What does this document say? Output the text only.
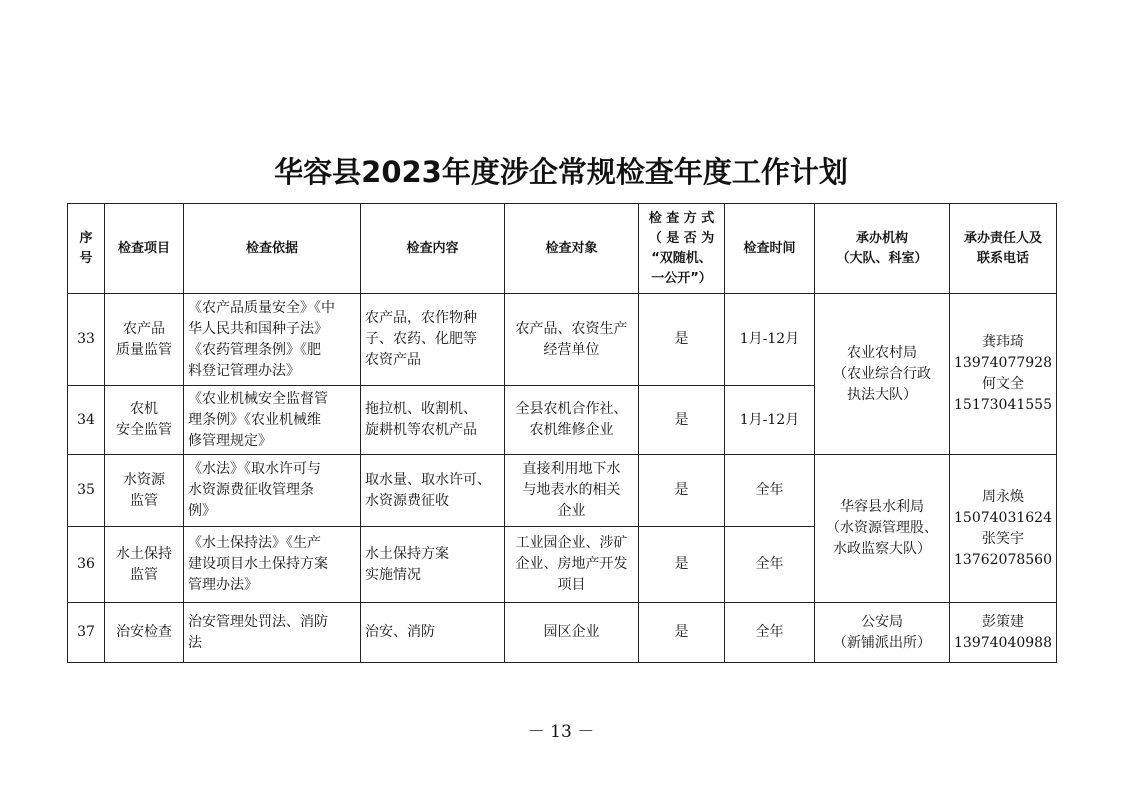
华容县2023年度涉企常规检查年度工作计划
序
号	检查项目	检查依据	检查内容	检查对象	检 查 方 式
（ 是 否 为
“双随机、
一公开”）	检查时间	承办机构
（大队、科室）	承办责任人及
联系电话
33	农产品
质量监管	《农产品质量安全》《中
华人民共和国种子法》
《农药管理条例》《肥
料登记管理办法》	农产品，农作物种
子、农药、化肥等
农资产品	农产品、农资生产
经营单位	是	1月-12月	农业农村局
（农业综合行政
执法大队）	龚玮琦
13974077928
何文全
15173041555
34	农机
安全监管	《农业机械安全监督管
理条例》《农业机械维
修管理规定》	拖拉机、收割机、
旋耕机等农机产品	全县农机合作社、
农机维修企业	是	1月-12月		
35	水资源
监管	《水法》《取水许可与
水资源费征收管理条
例》	取水量、取水许可、
水资源费征收	直接利用地下水
与地表水的相关
企业	是	全年	华容县水利局
（水资源管理股、
水政监察大队）	周永焕
15074031624
张笑宇
13762078560
36	水土保持
监管	《水土保持法》《生产
建设项目水土保持方案
管理办法》	水土保持方案
实施情况	工业园企业、涉矿
企业、房地产开发
项目	是	全年		
37	治安检查	治安管理处罚法、消防
法	治安、消防	园区企业	是	全年	公安局
（新铺派出所）	彭策建
13974040988
－ 13 －
